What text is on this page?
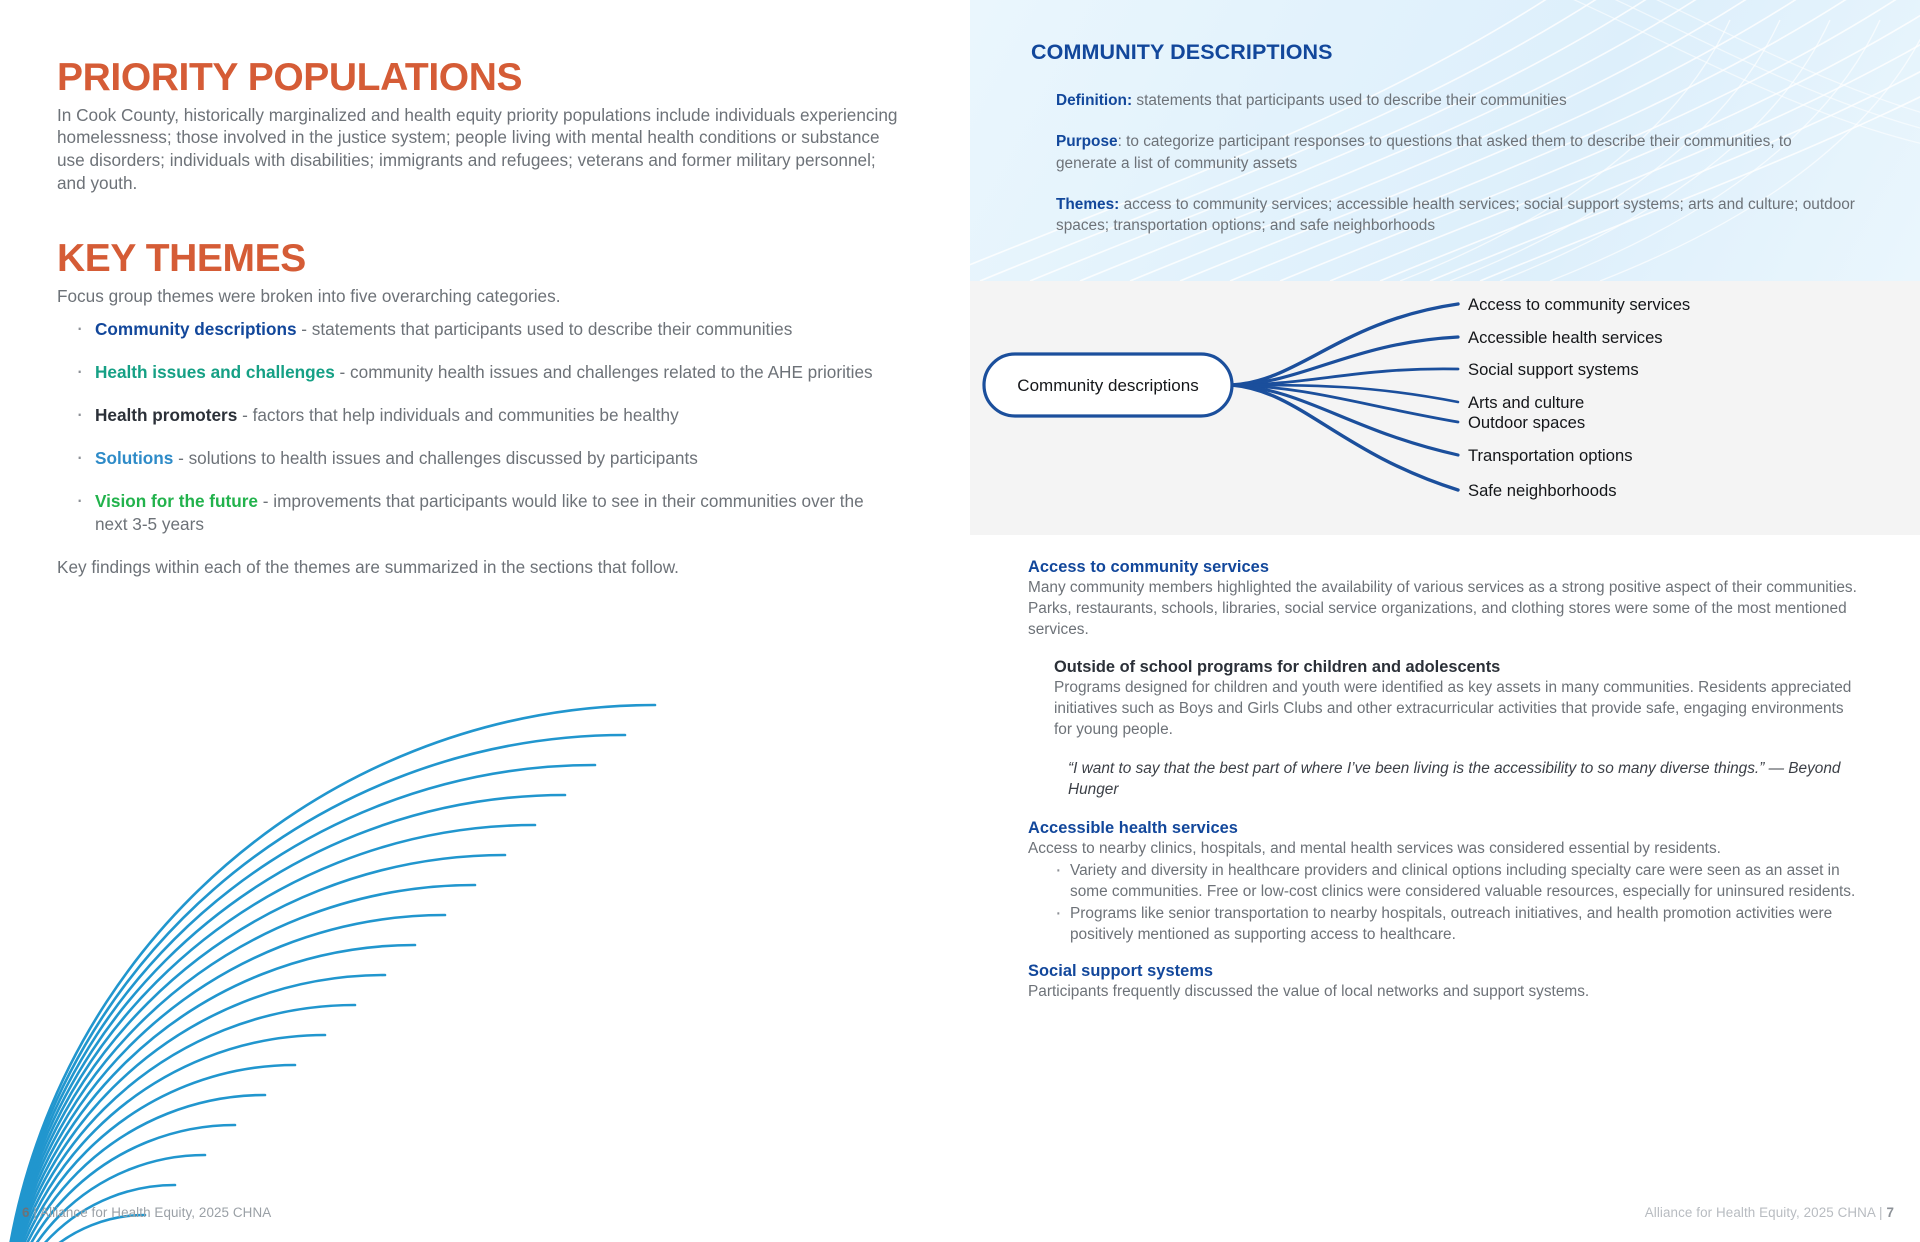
PRIORITY POPULATIONS

In Cook County, historically marginalized and health equity priority populations include individuals experiencing homelessness; those involved in the justice system; people living with mental health conditions or substance use disorders; individuals with disabilities; immigrants and refugees; veterans and former military personnel; and youth.

KEY THEMES

Focus group themes were broken into five overarching categories.

· Community descriptions - statements that participants used to describe their communities
· Health issues and challenges - community health issues and challenges related to the AHE priorities
· Health promoters - factors that help individuals and communities be healthy
· Solutions - solutions to health issues and challenges discussed by participants
· Vision for the future - improvements that participants would like to see in their communities over the next 3-5 years

Key findings within each of the themes are summarized in the sections that follow.

6 | Alliance for Health Equity, 2025 CHNA
COMMUNITY DESCRIPTIONS

Definition: statements that participants used to describe their communities

Purpose: to categorize participant responses to questions that asked them to describe their communities, to generate a list of community assets

Themes: access to community services; accessible health services; social support systems; arts and culture; outdoor spaces; transportation options; and safe neighborhoods

Community descriptions
Access to community services
Accessible health services
Social support systems
Arts and culture
Outdoor spaces
Transportation options
Safe neighborhoods
Access to community services

Many community members highlighted the availability of various services as a strong positive aspect of their communities. Parks, restaurants, schools, libraries, social service organizations, and clothing stores were some of the most mentioned services.

Outside of school programs for children and adolescents

Programs designed for children and youth were identified as key assets in many communities. Residents appreciated initiatives such as Boys and Girls Clubs and other extracurricular activities that provide safe, engaging environments for young people.

“I want to say that the best part of where I’ve been living is the accessibility to so many diverse things.” — Beyond Hunger

Accessible health services

Access to nearby clinics, hospitals, and mental health services was considered essential by residents.

· Variety and diversity in healthcare providers and clinical options including specialty care were seen as an asset in some communities. Free or low-cost clinics were considered valuable resources, especially for uninsured residents.
· Programs like senior transportation to nearby hospitals, outreach initiatives, and health promotion activities were positively mentioned as supporting access to healthcare.
Social support systems

Participants frequently discussed the value of local networks and support systems.

Alliance for Health Equity, 2025 CHNA | 7
